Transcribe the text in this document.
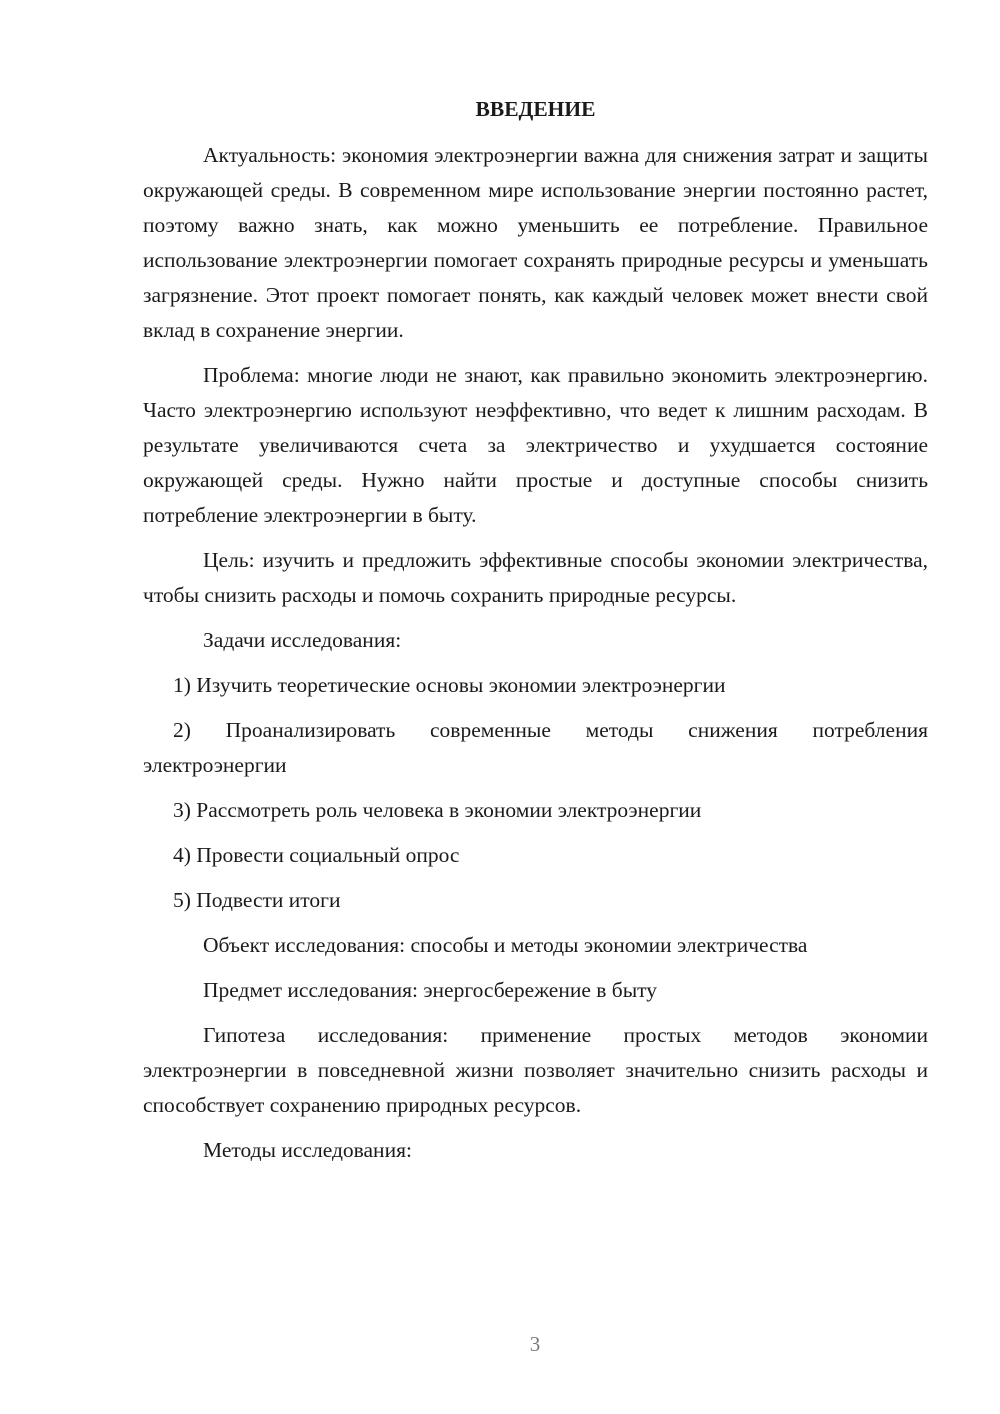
ВВЕДЕНИЕ

Актуальность: экономия электроэнергии важна для снижения затрат и защиты окружающей среды. В современном мире использование энергии постоянно растет, поэтому важно знать, как можно уменьшить ее потребление. Правильное использование электроэнергии помогает сохранять природные ресурсы и уменьшать загрязнение. Этот проект помогает понять, как каждый человек может внести свой вклад в сохранение энергии.

Проблема: многие люди не знают, как правильно экономить электроэнергию. Часто электроэнергию используют неэффективно, что ведет к лишним расходам. В результате увеличиваются счета за электричество и ухудшается состояние окружающей среды. Нужно найти простые и доступные способы снизить потребление электроэнергии в быту.

Цель: изучить и предложить эффективные способы экономии электричества, чтобы снизить расходы и помочь сохранить природные ресурсы.

Задачи исследования:

1) Изучить теоретические основы экономии электроэнергии

2) Проанализировать современные методы снижения потребления электроэнергии

3) Рассмотреть роль человека в экономии электроэнергии

4) Провести социальный опрос

5) Подвести итоги

Объект исследования: способы и методы экономии электричества

Предмет исследования: энергосбережение в быту

Гипотеза исследования: применение простых методов экономии электроэнергии в повседневной жизни позволяет значительно снизить расходы и способствует сохранению природных ресурсов.

Методы исследования:

3
